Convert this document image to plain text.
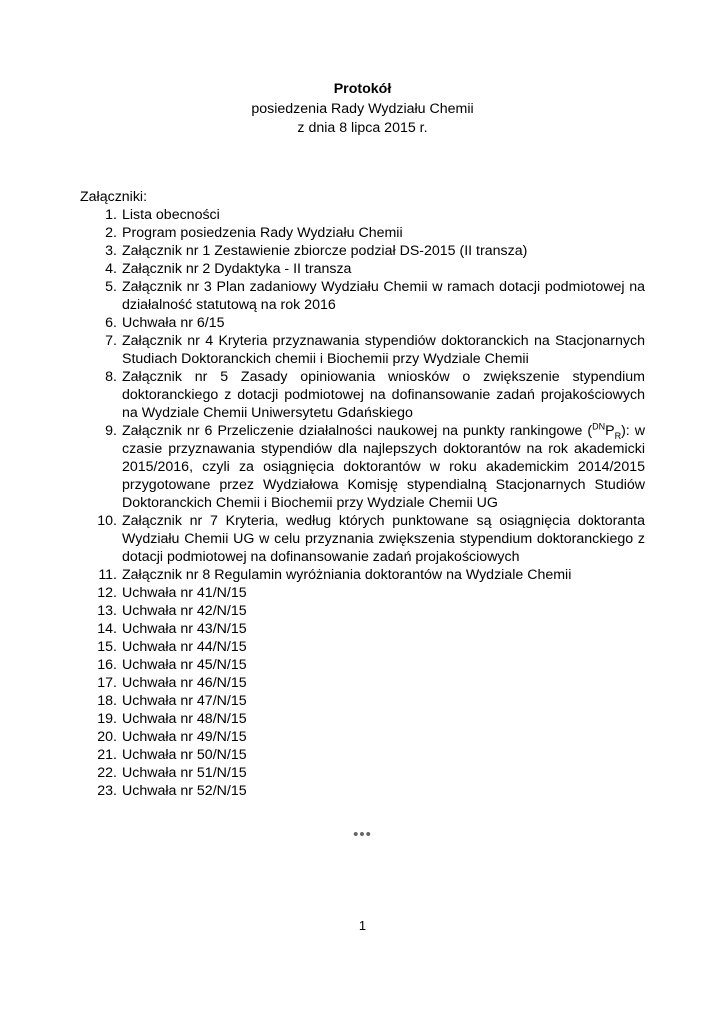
Protokół
posiedzenia Rady Wydziału Chemii
z dnia 8 lipca 2015 r.
Załączniki:
1. Lista obecności
2. Program posiedzenia Rady Wydziału Chemii
3. Załącznik nr 1 Zestawienie zbiorcze podział DS-2015 (II transza)
4. Załącznik nr 2 Dydaktyka - II transza
5. Załącznik nr 3 Plan zadaniowy Wydziału Chemii w ramach dotacji podmiotowej na działalność statutową na rok 2016
6. Uchwała nr 6/15
7. Załącznik nr 4 Kryteria przyznawania stypendiów doktoranckich na Stacjonarnych Studiach Doktoranckich chemii i Biochemii przy Wydziale Chemii
8. Załącznik nr 5 Zasady opiniowania wniosków o zwiększenie stypendium doktoranckiego z dotacji podmiotowej na dofinansowanie zadań projakościowych na Wydziale Chemii Uniwersytetu Gdańskiego
9. Załącznik nr 6 Przeliczenie działalności naukowej na punkty rankingowe $(^{DN}P_R)$: w czasie przyznawania stypendiów dla najlepszych doktorantów na rok akademicki 2015/2016, czyli za osiągnięcia doktorantów w roku akademickim 2014/2015 przygotowane przez Wydziałowa Komisję stypendialną Stacjonarnych Studiów Doktoranckich Chemii i Biochemii przy Wydziale Chemii UG
10. Załącznik nr 7 Kryteria, według których punktowane są osiągnięcia doktoranta Wydziału Chemii UG w celu przyznania zwiększenia stypendium doktoranckiego z dotacji podmiotowej na dofinansowanie zadań projakościowych
11. Załącznik nr 8 Regulamin wyróżniania doktorantów na Wydziale Chemii
12. Uchwała nr 41/N/15
13. Uchwała nr 42/N/15
14. Uchwała nr 43/N/15
15. Uchwała nr 44/N/15
16. Uchwała nr 45/N/15
17. Uchwała nr 46/N/15
18. Uchwała nr 47/N/15
19. Uchwała nr 48/N/15
20. Uchwała nr 49/N/15
21. Uchwała nr 50/N/15
22. Uchwała nr 51/N/15
23. Uchwała nr 52/N/15
•••
1
